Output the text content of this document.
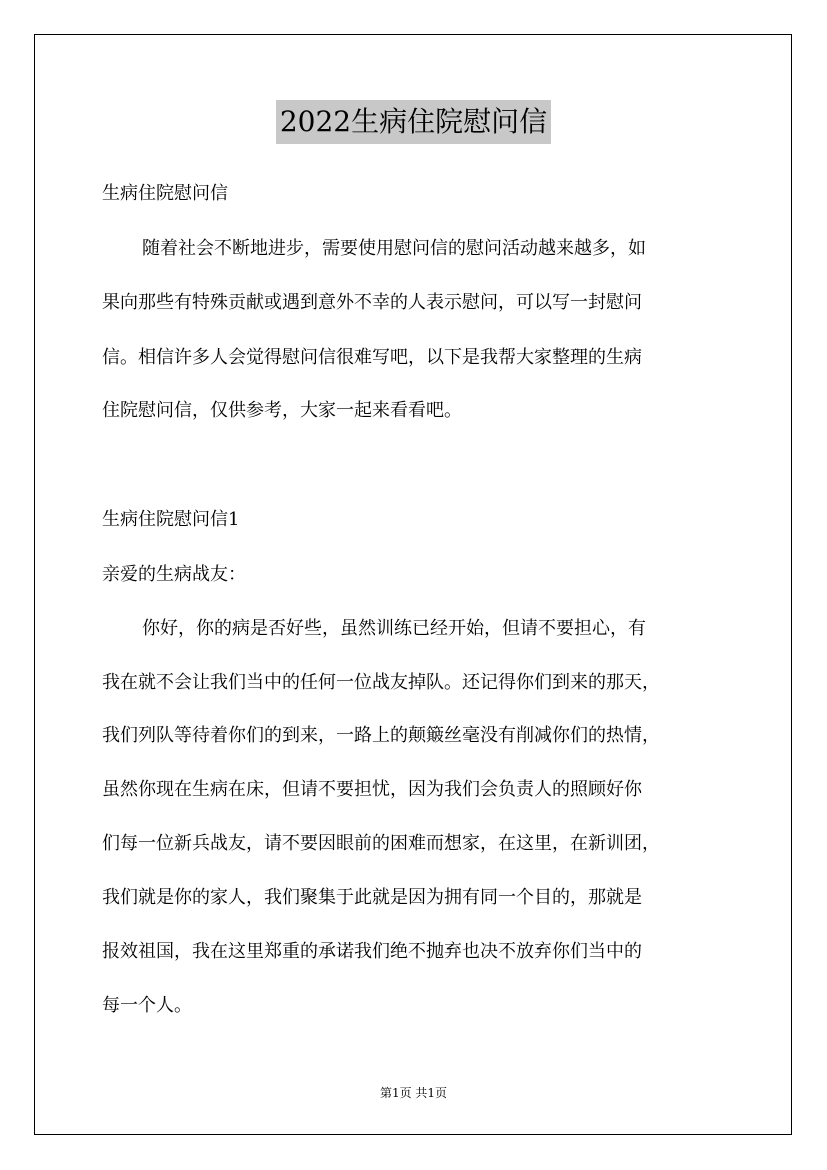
2022生病住院慰问信
生病住院慰问信
随着社会不断地进步，需要使用慰问信的慰问活动越来越多，如
果向那些有特殊贡献或遇到意外不幸的人表示慰问，可以写一封慰问
信。相信许多人会觉得慰问信很难写吧，以下是我帮大家整理的生病
住院慰问信，仅供参考，大家一起来看看吧。
生病住院慰问信1
亲爱的生病战友：
你好，你的病是否好些，虽然训练已经开始，但请不要担心，有
我在就不会让我们当中的任何一位战友掉队。还记得你们到来的那天，
我们列队等待着你们的到来，一路上的颠簸丝毫没有削减你们的热情，
虽然你现在生病在床，但请不要担忧，因为我们会负责人的照顾好你
们每一位新兵战友，请不要因眼前的困难而想家，在这里，在新训团，
我们就是你的家人，我们聚集于此就是因为拥有同一个目的，那就是
报效祖国，我在这里郑重的承诺我们绝不抛弃也决不放弃你们当中的
每一个人。
第1页 共1页
